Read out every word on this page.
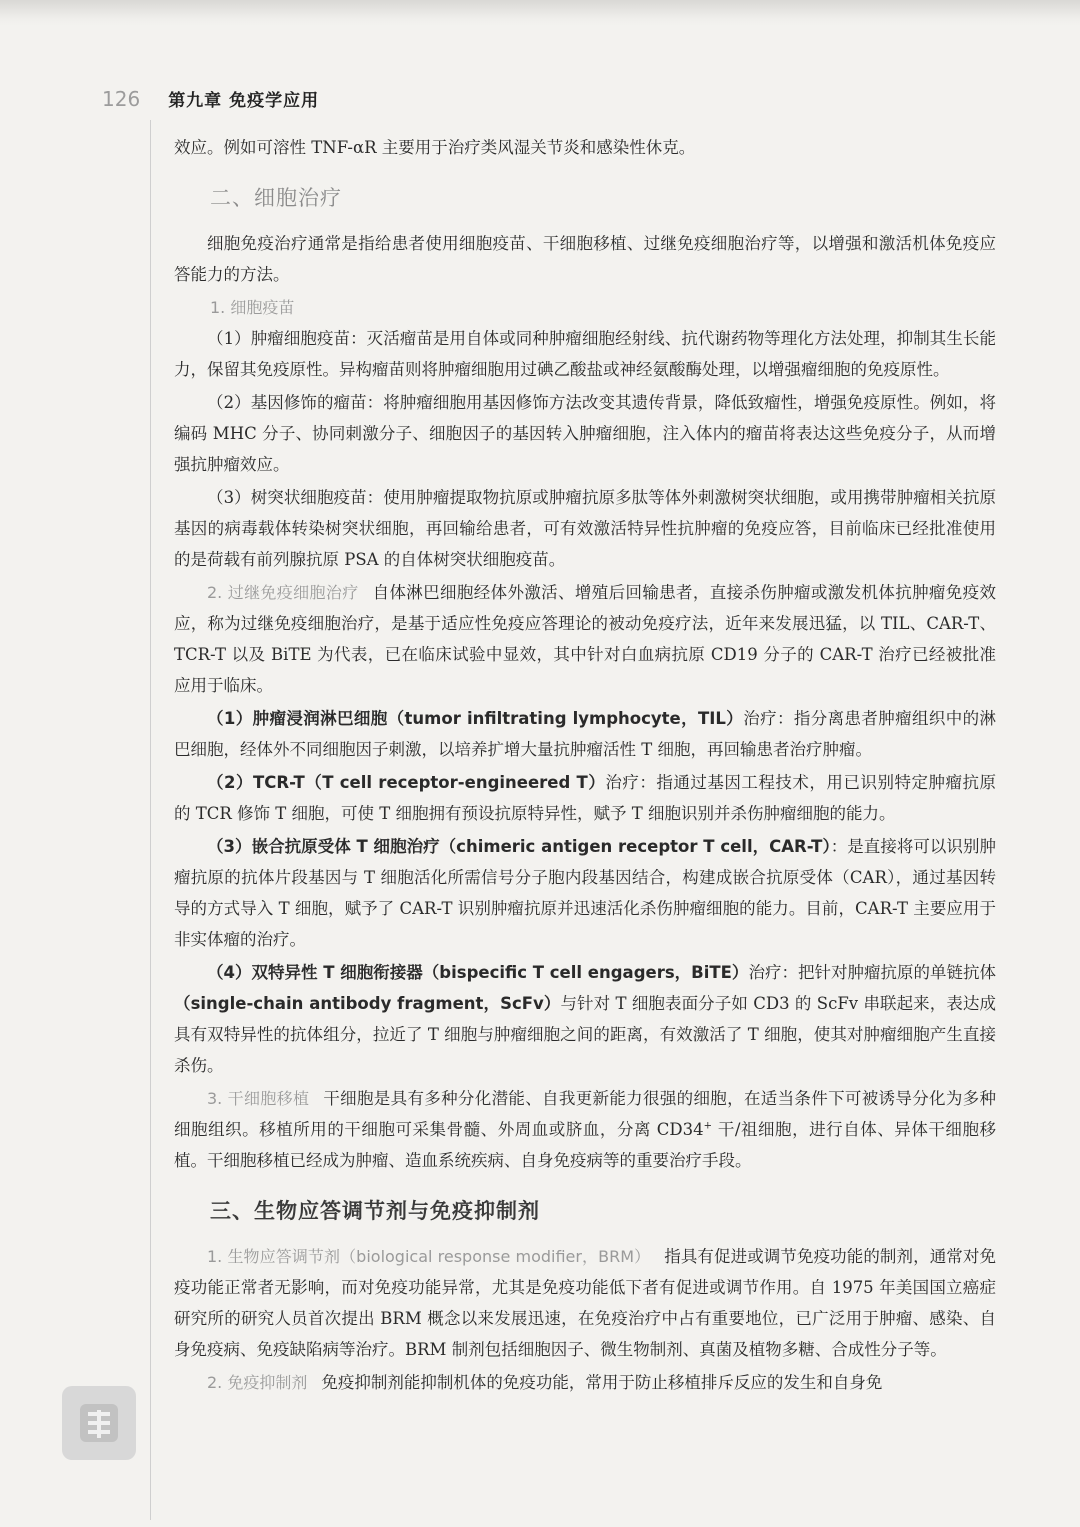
126 第九章 免疫学应用

效应。例如可溶性 TNF-αR 主要用于治疗类风湿关节炎和感染性休克。

二、细胞治疗

细胞免疫治疗通常是指给患者使用细胞疫苗、干细胞移植、过继免疫细胞治疗等，以增强和激活机体免疫应答能力的方法。

1. 细胞疫苗

（1）肿瘤细胞疫苗：灭活瘤苗是用自体或同种肿瘤细胞经射线、抗代谢药物等理化方法处理，抑制其生长能力，保留其免疫原性。异构瘤苗则将肿瘤细胞用过碘乙酸盐或神经氨酸酶处理，以增强瘤细胞的免疫原性。

（2）基因修饰的瘤苗：将肿瘤细胞用基因修饰方法改变其遗传背景，降低致瘤性，增强免疫原性。例如，将编码 MHC 分子、协同刺激分子、细胞因子的基因转入肿瘤细胞，注入体内的瘤苗将表达这些免疫分子，从而增强抗肿瘤效应。

（3）树突状细胞疫苗：使用肿瘤提取物抗原或肿瘤抗原多肽等体外刺激树突状细胞，或用携带肿瘤相关抗原基因的病毒载体转染树突状细胞，再回输给患者，可有效激活特异性抗肿瘤的免疫应答，目前临床已经批准使用的是荷载有前列腺抗原 PSA 的自体树突状细胞疫苗。

2. 过继免疫细胞治疗 自体淋巴细胞经体外激活、增殖后回输患者，直接杀伤肿瘤或激发机体抗肿瘤免疫效应，称为过继免疫细胞治疗，是基于适应性免疫应答理论的被动免疫疗法，近年来发展迅猛，以 TIL、CAR-T、TCR-T 以及 BiTE 为代表，已在临床试验中显效，其中针对白血病抗原 CD19 分子的 CAR-T 治疗已经被批准应用于临床。

（1）肿瘤浸润淋巴细胞（tumor infiltrating lymphocyte，TIL）治疗：指分离患者肿瘤组织中的淋巴细胞，经体外不同细胞因子刺激，以培养扩增大量抗肿瘤活性 T 细胞，再回输患者治疗肿瘤。

（2）TCR-T（T cell receptor-engineered T）治疗：指通过基因工程技术，用已识别特定肿瘤抗原的 TCR 修饰 T 细胞，可使 T 细胞拥有预设抗原特异性，赋予 T 细胞识别并杀伤肿瘤细胞的能力。

（3）嵌合抗原受体 T 细胞治疗（chimeric antigen receptor T cell，CAR-T）：是直接将可以识别肿瘤抗原的抗体片段基因与 T 细胞活化所需信号分子胞内段基因结合，构建成嵌合抗原受体（CAR），通过基因转导的方式导入 T 细胞，赋予了 CAR-T 识别肿瘤抗原并迅速活化杀伤肿瘤细胞的能力。目前，CAR-T 主要应用于非实体瘤的治疗。

（4）双特异性 T 细胞衔接器（bispecific T cell engagers，BiTE）治疗：把针对肿瘤抗原的单链抗体（single-chain antibody fragment，ScFv）与针对 T 细胞表面分子如 CD3 的 ScFv 串联起来，表达成具有双特异性的抗体组分，拉近了 T 细胞与肿瘤细胞之间的距离，有效激活了 T 细胞，使其对肿瘤细胞产生直接杀伤。

3. 干细胞移植 干细胞是具有多种分化潜能、自我更新能力很强的细胞，在适当条件下可被诱导分化为多种细胞组织。移植所用的干细胞可采集骨髓、外周血或脐血，分离 CD34+ 干/祖细胞，进行自体、异体干细胞移植。干细胞移植已经成为肿瘤、造血系统疾病、自身免疫病等的重要治疗手段。

三、生物应答调节剂与免疫抑制剂

1. 生物应答调节剂（biological response modifier，BRM） 指具有促进或调节免疫功能的制剂，通常对免疫功能正常者无影响，而对免疫功能异常，尤其是免疫功能低下者有促进或调节作用。自 1975 年美国国立癌症研究所的研究人员首次提出 BRM 概念以来发展迅速，在免疫治疗中占有重要地位，已广泛用于肿瘤、感染、自身免疫病、免疫缺陷病等治疗。BRM 制剂包括细胞因子、微生物制剂、真菌及植物多糖、合成性分子等。

2. 免疫抑制剂 免疫抑制剂能抑制机体的免疫功能，常用于防止移植排斥反应的发生和自身免
